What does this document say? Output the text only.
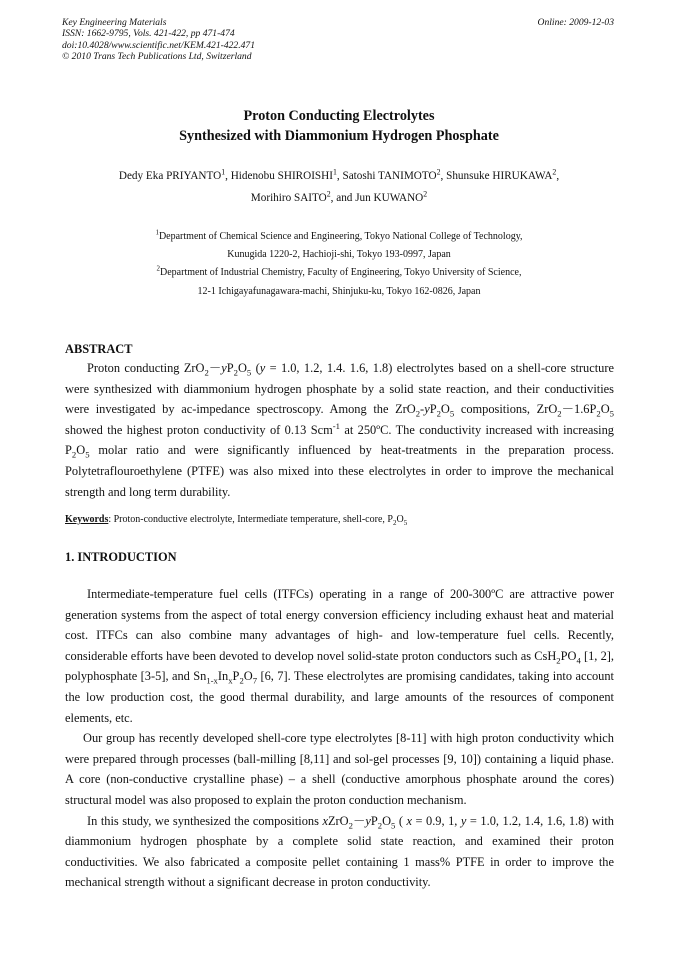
Key Engineering Materials
ISSN: 1662-9795, Vols. 421-422, pp 471-474
doi:10.4028/www.scientific.net/KEM.421-422.471
© 2010 Trans Tech Publications Ltd, Switzerland
Online: 2009-12-03
Proton Conducting Electrolytes
Synthesized with Diammonium Hydrogen Phosphate
Dedy Eka PRIYANTO$^1$, Hidenobu SHIROISHI$^1$, Satoshi TANIMOTO$^2$, Shunsuke HIRUKAWA$^2$,
Morihiro SAITO$^2$, and Jun KUWANO$^2$
$^1$Department of Chemical Science and Engineering, Tokyo National College of Technology,
Kunugida 1220-2, Hachioji-shi, Tokyo 193-0997, Japan
$^2$Department of Industrial Chemistry, Faculty of Engineering, Tokyo University of Science,
12-1 Ichigayafunagawara-machi, Shinjuku-ku, Tokyo 162-0826, Japan
ABSTRACT

Proton conducting $ZrO_2-yP_2O_5$ (y = 1.0, 1.2, 1.4. 1.6, 1.8) electrolytes based on a shell-core structure were synthesized with diammonium hydrogen phosphate by a solid state reaction, and their conductivities were investigated by ac-impedance spectroscopy. Among the $ZrO_2-yP_2O_5$ compositions, $ZrO_2-1.6P_2O_5$ showed the highest proton conductivity of 0.13 Scm$^{-1}$ at 250ºC. The conductivity increased with increasing $P_2O_5$ molar ratio and were significantly influenced by heat-treatments in the preparation process. Polytetraflouroethylene (PTFE) was also mixed into these electrolytes in order to improve the mechanical strength and long term durability.

Keywords: Proton-conductive electrolyte, Intermediate temperature, shell-core, $P_2O_5$
1. INTRODUCTION

Intermediate-temperature fuel cells (ITFCs) operating in a range of 200-300ºC are attractive power generation systems from the aspect of total energy conversion efficiency including exhaust heat and material cost. ITFCs can also combine many advantages of high- and low-temperature fuel cells. Recently, considerable efforts have been devoted to develop novel solid-state proton conductors such as $CsH_2PO_4$ [1, 2], polyphosphate [3-5], and $Sn_{1-x}In_xP_2O_7$ [6, 7]. These electrolytes are promising candidates, taking into account the low production cost, the good thermal durability, and large amounts of the resources of component elements, etc.

Our group has recently developed shell-core type electrolytes [8-11] with high proton conductivity which were prepared through processes (ball-milling [8,11] and sol-gel processes [9, 10]) containing a liquid phase. A core (non-conductive crystalline phase) – a shell (conductive amorphous phosphate around the cores) structural model was also proposed to explain the proton conduction mechanism.

In this study, we synthesized the compositions $xZrO_2-yP_2O_5$ ( x = 0.9, 1, y = 1.0, 1.2, 1.4, 1.6, 1.8) with diammonium hydrogen phosphate by a complete solid state reaction, and examined their proton conductivities. We also fabricated a composite pellet containing 1 mass% PTFE in order to improve the mechanical strength without a significant decrease in proton conductivity.
